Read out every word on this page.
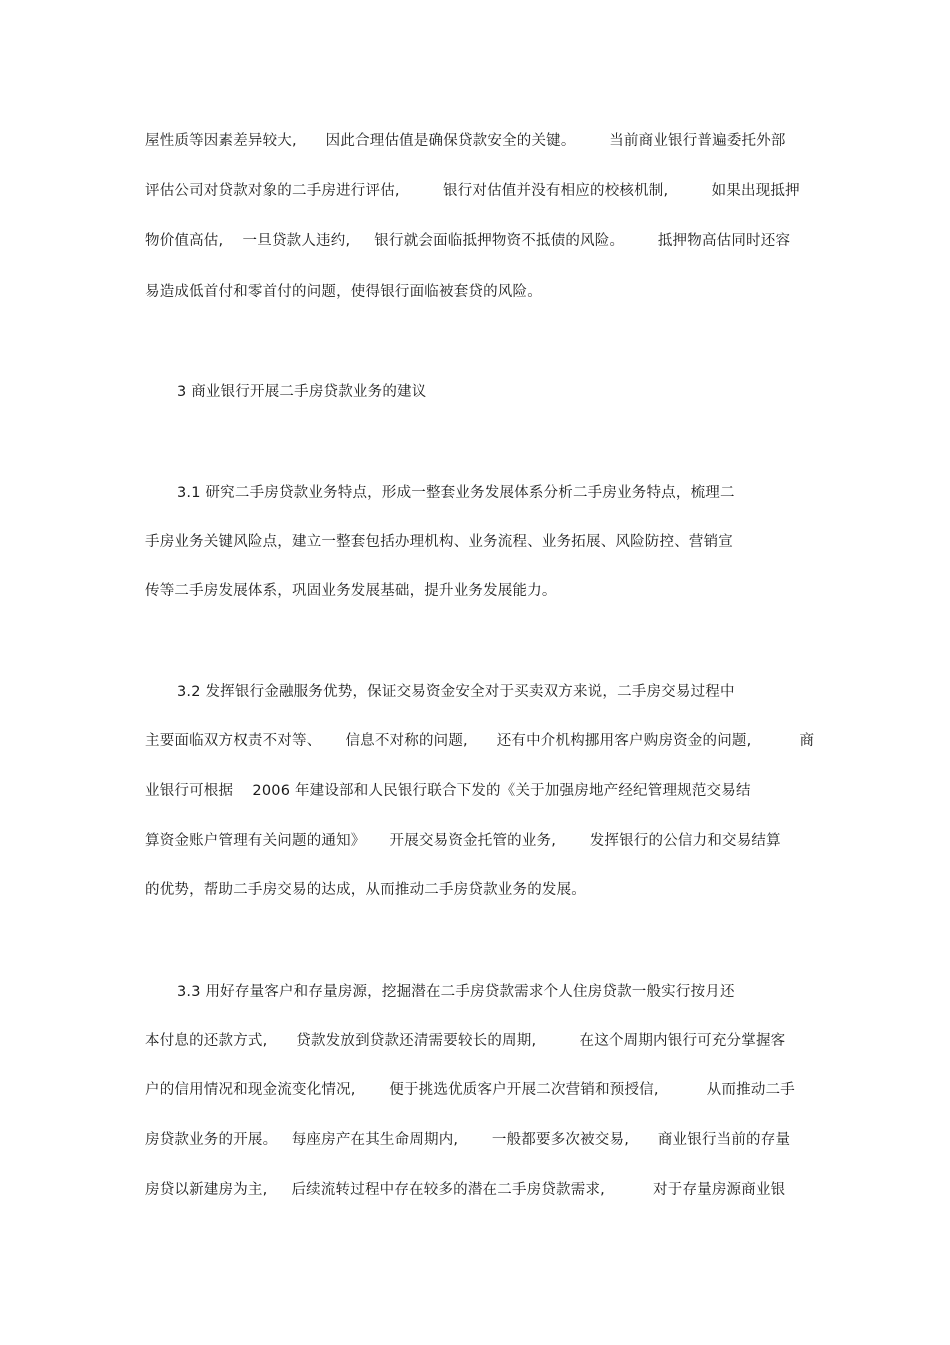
屋性质等因素差异较大,      因此合理估值是确保贷款安全的关键。       当前商业银行普遍委托外部
评估公司对贷款对象的二手房进行评估,         银行对估值并没有相应的校核机制,         如果出现抵押
物价值高估,    一旦贷款人违约,     银行就会面临抵押物资不抵债的风险。       抵押物高估同时还容
易造成低首付和零首付的问题，使得银行面临被套贷的风险。
3 商业银行开展二手房贷款业务的建议
3.1 研究二手房贷款业务特点，形成一整套业务发展体系分析二手房业务特点，梳理二
手房业务关键风险点，建立一整套包括办理机构、业务流程、业务拓展、风险防控、营销宣
传等二手房发展体系，巩固业务发展基础，提升业务发展能力。
3.2 发挥银行金融服务优势，保证交易资金安全对于买卖双方来说，二手房交易过程中
主要面临双方权责不对等、     信息不对称的问题,      还有中介机构挪用客户购房资金的问题,          商
业银行可根据    2006 年建设部和人民银行联合下发的《关于加强房地产经纪管理规范交易结
算资金账户管理有关问题的通知》     开展交易资金托管的业务,       发挥银行的公信力和交易结算
的优势，帮助二手房交易的达成，从而推动二手房贷款业务的发展。
3.3 用好存量客户和存量房源，挖掘潜在二手房贷款需求个人住房贷款一般实行按月还
本付息的还款方式,      贷款发放到贷款还清需要较长的周期,         在这个周期内银行可充分掌握客
户的信用情况和现金流变化情况,       便于挑选优质客户开展二次营销和预授信,          从而推动二手
房贷款业务的开展。   每座房产在其生命周期内,       一般都要多次被交易,      商业银行当前的存量
房贷以新建房为主,     后续流转过程中存在较多的潜在二手房贷款需求,          对于存量房源商业银
